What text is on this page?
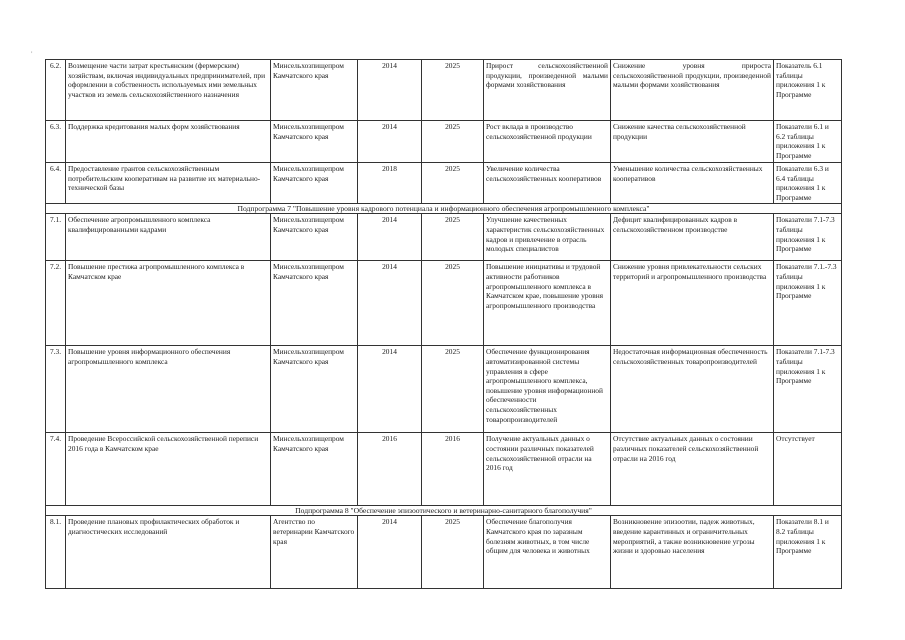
,
6.2.	Возмещение части затрат крестьянским (фермерским) хозяйствам, включая индивидуальных предпринимателей, при оформлении в собственность используемых ими земельных участков из земель сельскохозяйственного назначения	Минсельхозпищепром Камчатского края	2014	2025	Прирост сельскохозяйственной продукции, произведенной малыми формами хозяйствования	Снижение уровня прироста сельскохозяйственной продукции, произведенной малыми формами хозяйствования	Показатель 6.1 таблицы приложения 1 к Программе
6.3.	Поддержка кредитования малых форм хозяйствования	Минсельхозпищепром Камчатского края	2014	2025	Рост вклада в производство сельскохозяйственной продукции	Снижение качества сельскохозяйственной продукции	Показатели 6.1 и 6.2 таблицы приложения 1 к Программе
6.4.	Предоставление грантов сельскохозяйственным потребительским кооперативам на развитие их материально-технической базы	Минсельхозпищепром Камчатского края	2018	2025	Увеличение количества сельскохозяйственных кооперативов	Уменьшение количества сельскохозяйственных кооперативов	Показатели 6.3 и 6.4 таблицы приложения 1 к Программе
Подпрограмма 7 "Повышение уровня кадрового потенциала и информационного обеспечения агропромышленного комплекса"							
7.1.	Обеспечение агропромышленного комплекса квалифицированными кадрами	Минсельхозпищепром Камчатского края	2014	2025	Улучшение качественных характеристик сельскохозяйственных кадров и привлечение в отрасль молодых специалистов	Дефицит квалифицированных кадров в сельскохозяйственном производстве	Показатели 7.1-7.3 таблицы приложения 1 к Программе
7.2.	Повышение престижа агропромышленного комплекса в Камчатском крае	Минсельхозпищепром Камчатского края	2014	2025	Повышение инициативы и трудовой активности работников агропромышленного комплекса в Камчатском крае, повышение уровня агропромышленного производства	Снижение уровня привлекательности сельских территорий и агропромышленного производства	Показатели 7.1.-7.3 таблицы приложения 1 к Программе
7.3.	Повышение уровня информационного обеспечения агропромышленного комплекса	Минсельхозпищепром Камчатского края	2014	2025	Обеспечение функционирования автоматизированной системы управления в сфере агропромышленного комплекса, повышение уровня информационной обеспеченности сельскохозяйственных товаропроизводителей	Недостаточная информационная обеспеченность сельскохозяйственных товаропроизводителей	Показатели 7.1-7.3 таблицы приложения 1 к Программе
7.4.	Проведение Всероссийской сельскохозяйственной переписи 2016 года в Камчатском крае	Минсельхозпищепром Камчатского края	2016	2016	Получение актуальных данных о состоянии различных показателей сельскохозяйственной отрасли на 2016 год	Отсутствие актуальных данных о состоянии различных показателей сельскохозяйственной отрасли на 2016 год	Отсутствует
Подпрограмма 8 "Обеспечение эпизоотического и ветеринарно-санитарного благополучия"							
8.1.	Проведение плановых профилактических обработок и диагностических исследований	Агентство по ветеринарии Камчатского края	2014	2025	Обеспечение благополучия Камчатского края по заразным болезням животных, в том числе общим для человека и животных	Возникновение эпизоотии, падеж животных, введение карантинных и ограничительных мероприятий, а также возникновение угрозы жизни и здоровью населения	Показатели 8.1 и 8.2 таблицы приложения 1 к Программе
